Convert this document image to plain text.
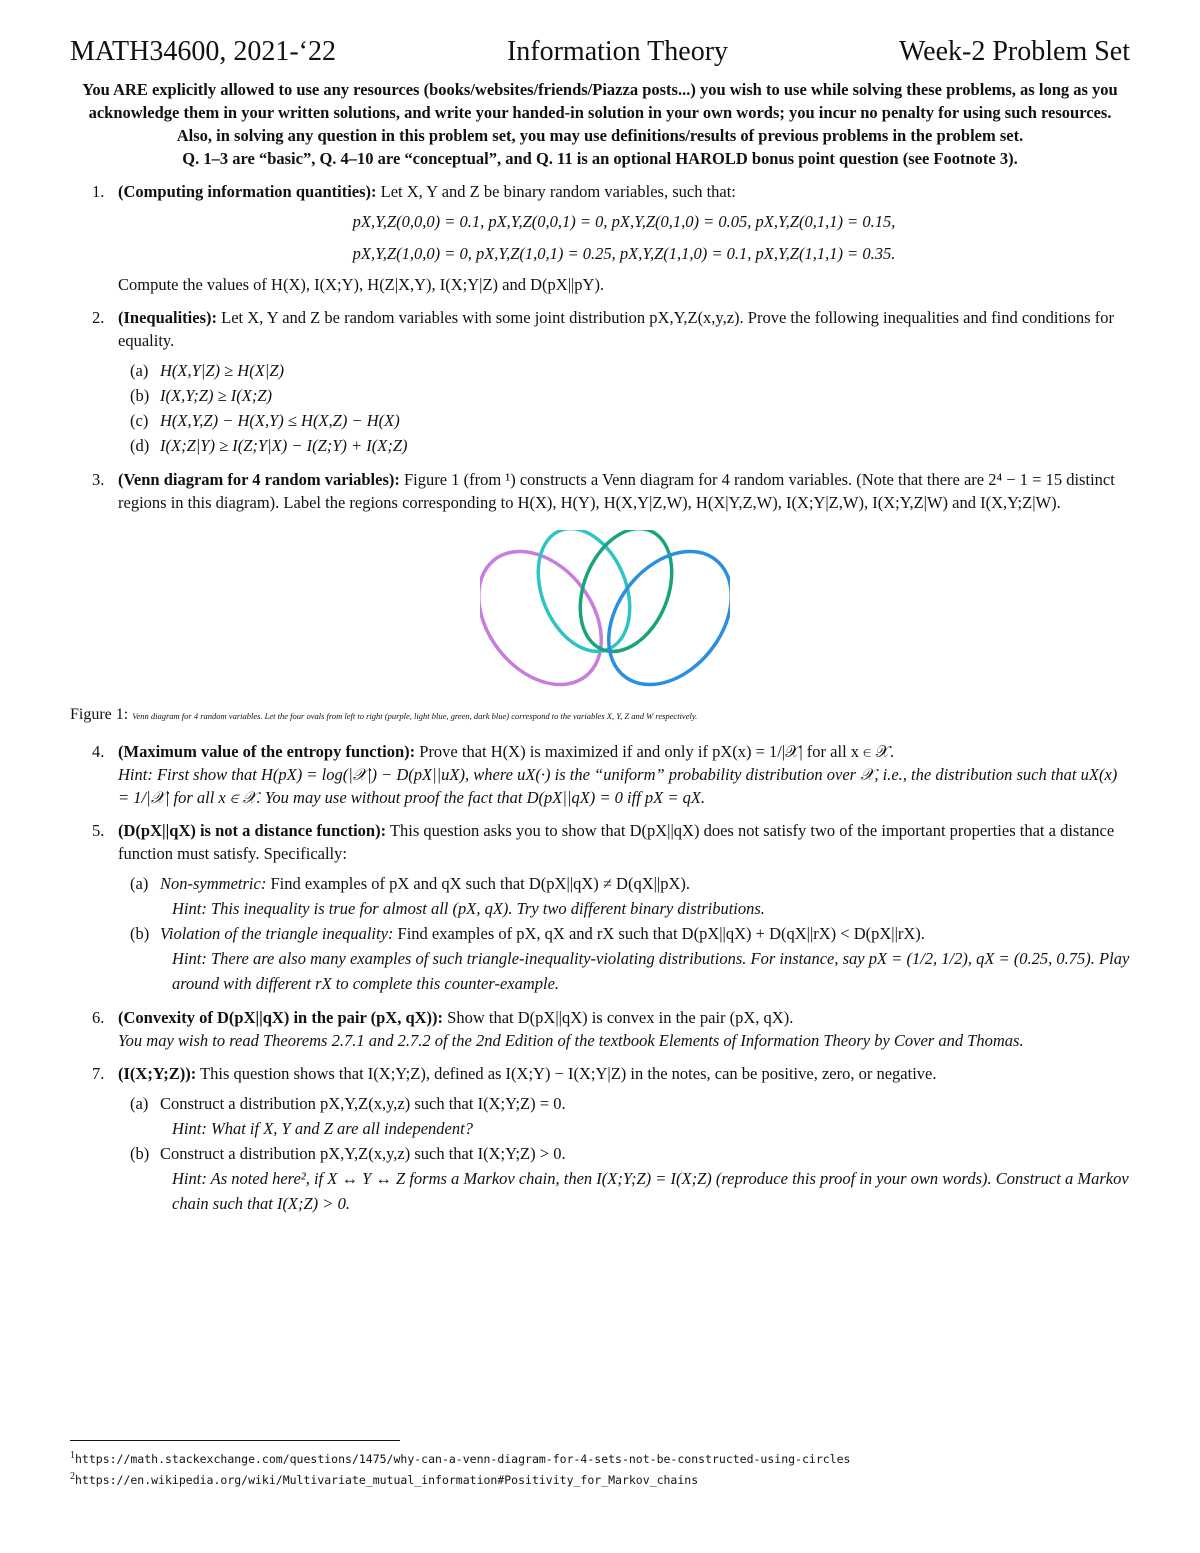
MATH34600, 2021-‘22	Information Theory	Week-2 Problem Set
You ARE explicitly allowed to use any resources (books/websites/friends/Piazza posts...) you wish to use while solving these problems, as long as you acknowledge them in your written solutions, and write your handed-in solution in your own words; you incur no penalty for using such resources. Also, in solving any question in this problem set, you may use definitions/results of previous problems in the problem set.
Q. 1–3 are “basic”, Q. 4–10 are “conceptual”, and Q. 11 is an optional HAROLD bonus point question (see Footnote 3).
1. (Computing information quantities): Let X, Y and Z be binary random variables, such that:
pX,Y,Z(0,0,0) = 0.1, pX,Y,Z(0,0,1) = 0, pX,Y,Z(0,1,0) = 0.05, pX,Y,Z(0,1,1) = 0.15,
pX,Y,Z(1,0,0) = 0, pX,Y,Z(1,0,1) = 0.25, pX,Y,Z(1,1,0) = 0.1, pX,Y,Z(1,1,1) = 0.35.
Compute the values of H(X), I(X;Y), H(Z|X,Y), I(X;Y|Z) and D(pX||pY).
2. (Inequalities): Let X, Y and Z be random variables with some joint distribution pX,Y,Z(x,y,z). Prove the following inequalities and find conditions for equality.
(a) H(X,Y|Z) ≥ H(X|Z)
(b) I(X,Y;Z) ≥ I(X;Z)
(c) H(X,Y,Z) − H(X,Y) ≤ H(X,Z) − H(X)
(d) I(X;Z|Y) ≥ I(Z;Y|X) − I(Z;Y) + I(X;Z)
3. (Venn diagram for 4 random variables): Figure 1 (from ¹) constructs a Venn diagram for 4 random variables. (Note that there are 2⁴ − 1 = 15 distinct regions in this diagram). Label the regions corresponding to H(X), H(Y), H(X,Y|Z,W), H(X|Y,Z,W), I(X;Y|Z,W), I(X;Y,Z|W) and I(X,Y;Z|W).
Figure 1: Venn diagram for 4 random variables. Let the four ovals from left to right (purple, light blue, green, dark blue) correspond to the variables X, Y, Z and W respectively.
4. (Maximum value of the entropy function): Prove that H(X) is maximized if and only if pX(x) = 1/|𝒳| for all x ∈ 𝒳.
Hint: First show that H(pX) = log(|𝒳|) − D(pX||uX), where uX(·) is the “uniform” probability distribution over 𝒳, i.e., the distribution such that uX(x) = 1/|𝒳| for all x ∈ 𝒳. You may use without proof the fact that D(pX||qX) = 0 iff pX = qX.
5. (D(pX||qX) is not a distance function): This question asks you to show that D(pX||qX) does not satisfy two of the important properties that a distance function must satisfy. Specifically:
(a) Non-symmetric: Find examples of pX and qX such that D(pX||qX) ≠ D(qX||pX).
Hint: This inequality is true for almost all (pX, qX). Try two different binary distributions.
(b) Violation of the triangle inequality: Find examples of pX, qX and rX such that D(pX||qX) + D(qX||rX) < D(pX||rX).
Hint: There are also many examples of such triangle-inequality-violating distributions. For instance, say pX = (1/2, 1/2), qX = (0.25, 0.75). Play around with different rX to complete this counter-example.
6. (Convexity of D(pX||qX) in the pair (pX, qX)): Show that D(pX||qX) is convex in the pair (pX, qX).
You may wish to read Theorems 2.7.1 and 2.7.2 of the 2nd Edition of the textbook Elements of Information Theory by Cover and Thomas.
7. (I(X;Y;Z)): This question shows that I(X;Y;Z), defined as I(X;Y) − I(X;Y|Z) in the notes, can be positive, zero, or negative.
(a) Construct a distribution pX,Y,Z(x,y,z) such that I(X;Y;Z) = 0.
Hint: What if X, Y and Z are all independent?
(b) Construct a distribution pX,Y,Z(x,y,z) such that I(X;Y;Z) > 0.
Hint: As noted here², if X ↔ Y ↔ Z forms a Markov chain, then I(X;Y;Z) = I(X;Z) (reproduce this proof in your own words). Construct a Markov chain such that I(X;Z) > 0.
$^1$https://math.stackexchange.com/questions/1475/why-can-a-venn-diagram-for-4-sets-not-be-constructed-using-circles
$^2$https://en.wikipedia.org/wiki/Multivariate_mutual_information#Positivity_for_Markov_chains
